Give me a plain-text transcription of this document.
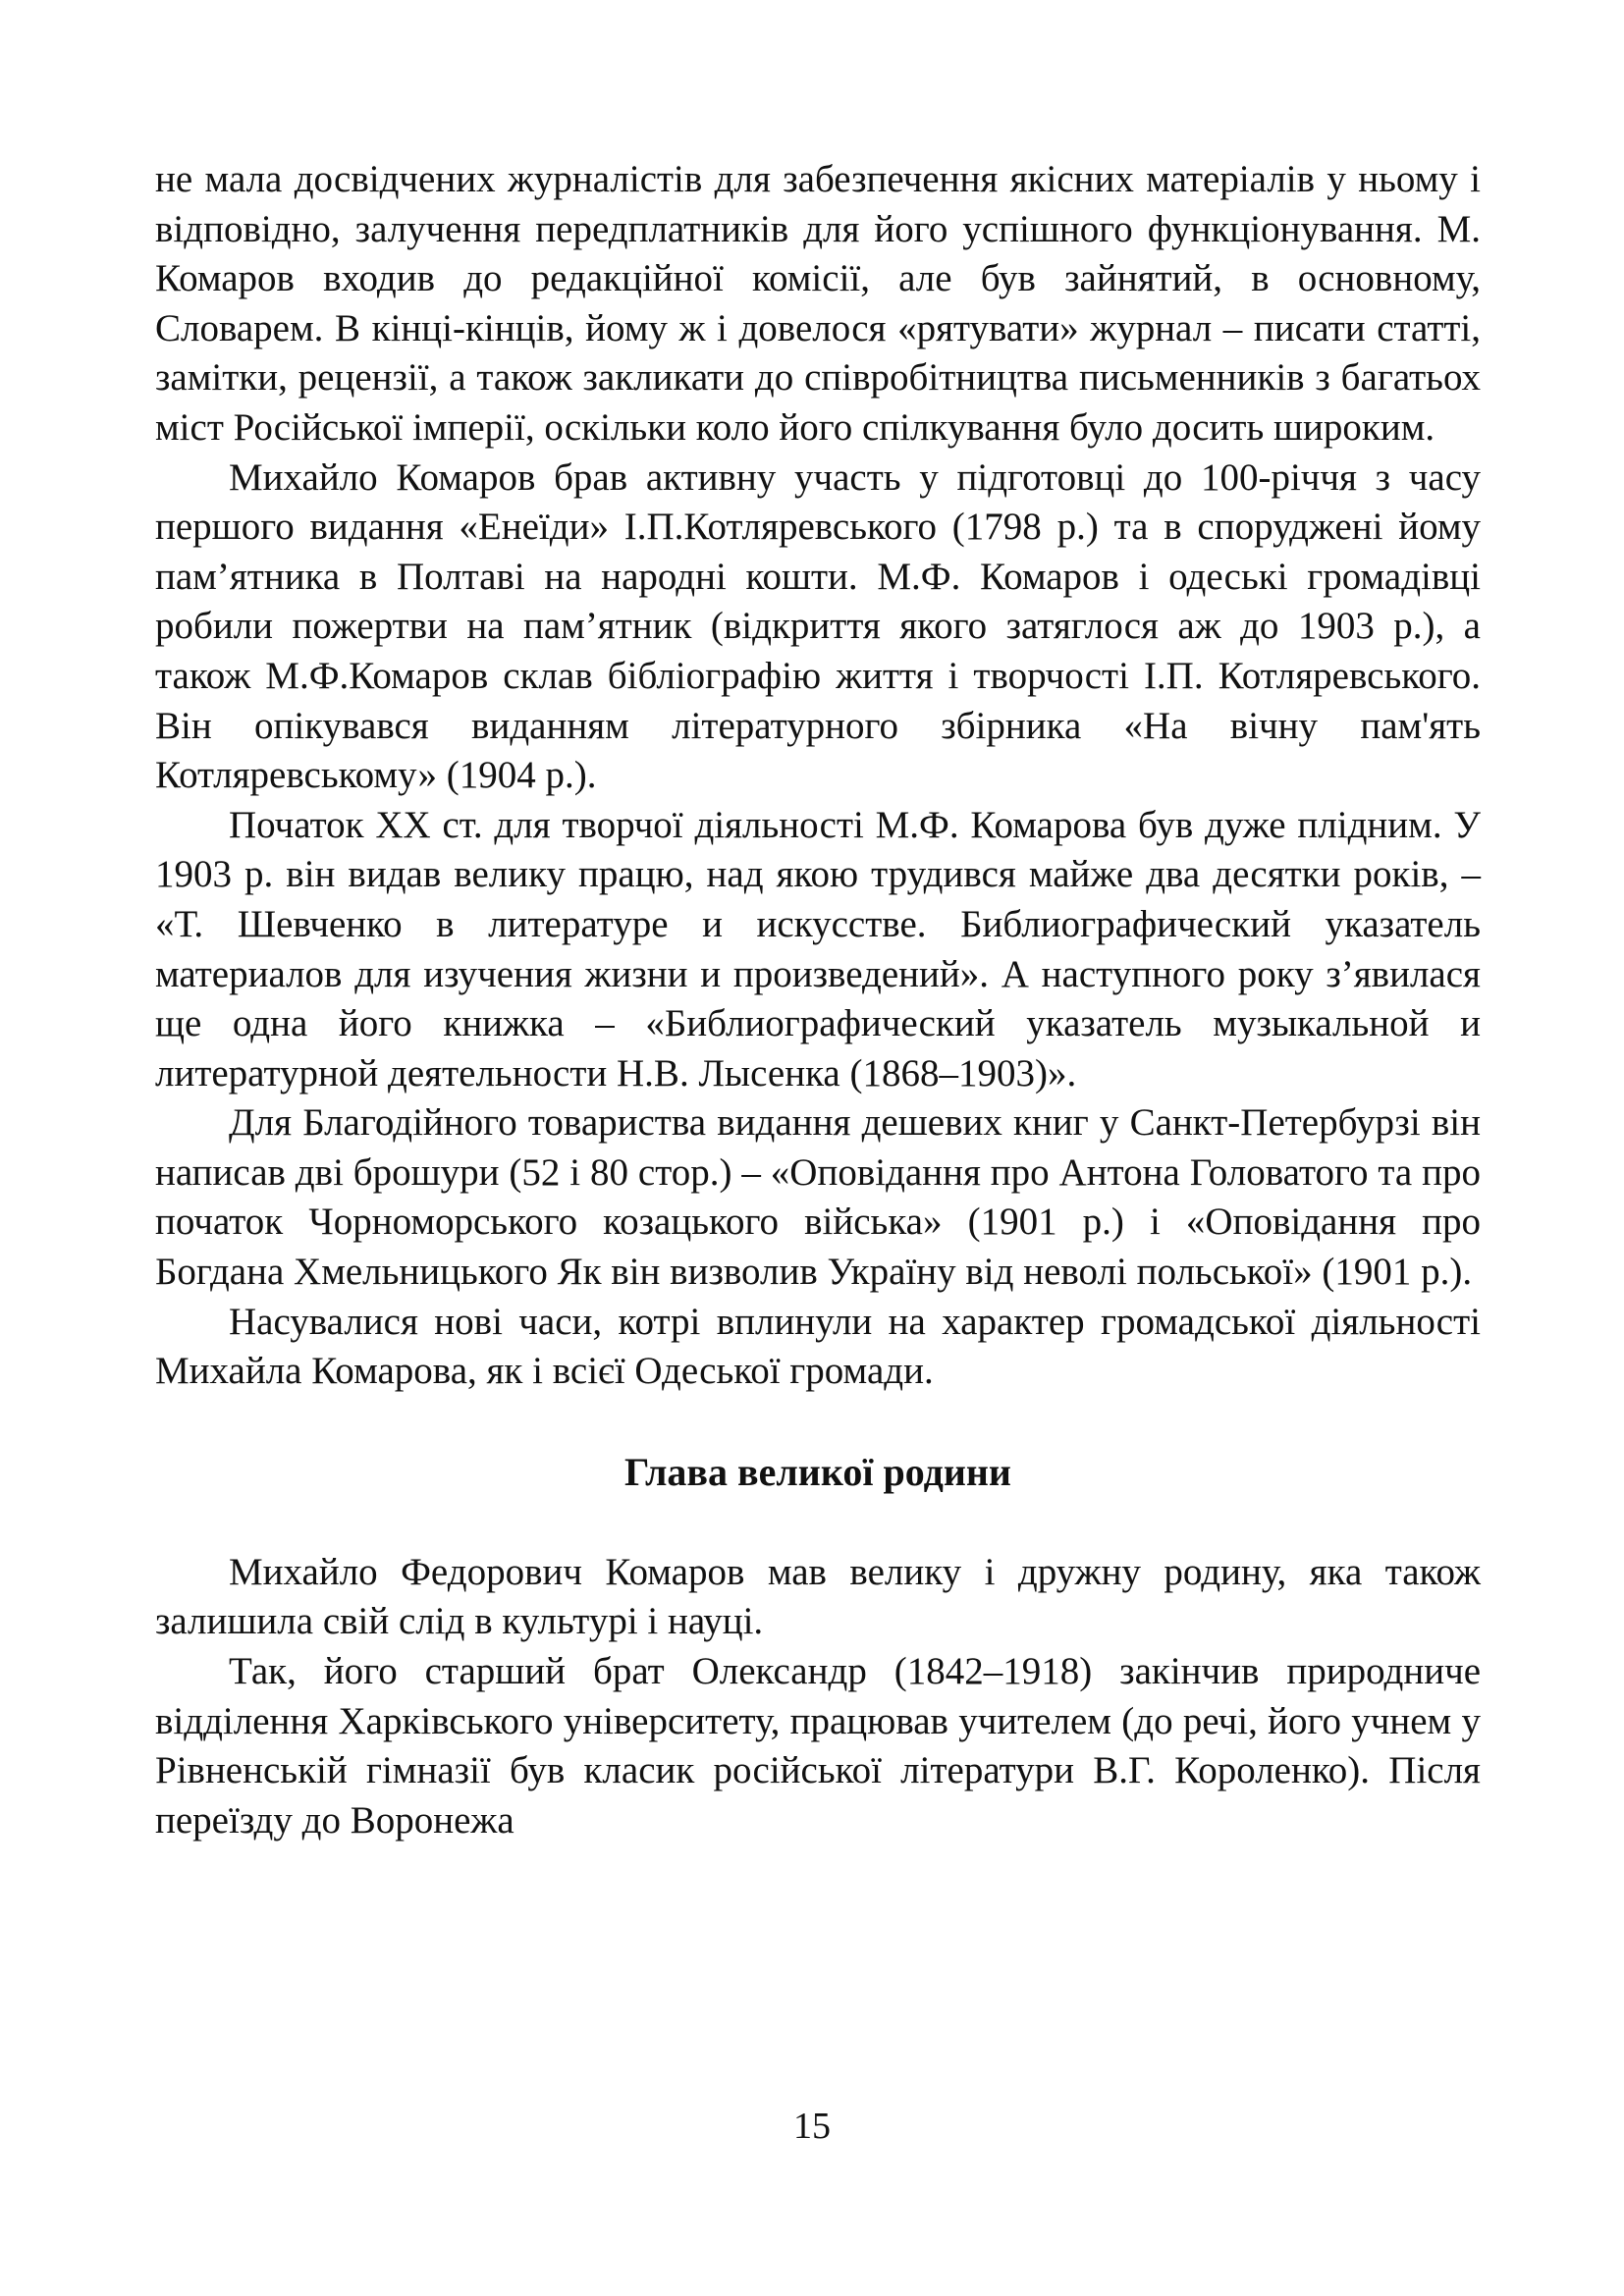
не мала досвідчених журналістів для забезпечення якісних матеріалів у ньому і відповідно, залучення передплатників для його успішного функціонування. М. Комаров входив до редакційної комісії, але був зайнятий, в основному, Словарем. В кінці-кінців, йому ж і довелося «рятувати» журнал – писати статті, замітки, рецензії, а також закликати до співробітництва письменників з багатьох міст Російської імперії, оскільки коло його спілкування було досить широким.

Михайло Комаров брав активну участь у підготовці до 100-річчя з часу першого видання «Енеїди» І.П.Котляревського (1798 р.) та в споруджені йому пам’ятника в Полтаві на народні кошти. М.Ф. Комаров і одеські громадівці робили пожертви на пам’ятник (відкриття якого затяглося аж до 1903 р.), а також М.Ф.Комаров склав бібліографію життя і творчості І.П. Котляревського. Він опікувався виданням літературного збірника «На вічну пам'ять Котляревському» (1904 р.).

Початок ХХ ст. для творчої діяльності М.Ф. Комарова був дуже плідним. У 1903 р. він видав велику працю, над якою трудився майже два десятки років, – «Т. Шевченко в литературе и искусстве. Библиографический указатель материалов для изучения жизни и произведений». А наступного року з’явилася ще одна його книжка – «Библиографический указатель музыкальной и литературной деятельности Н.В. Лысенка (1868–1903)».

Для Благодійного товариства видання дешевих книг у Санкт-Петербурзі він написав дві брошури (52 і 80 стор.) – «Оповідання про Антона Головатого та про початок Чорноморського козацького війська» (1901 р.) і «Оповідання про Богдана Хмельницького Як він визволив Україну від неволі польської» (1901 р.).

Насувалися нові часи, котрі вплинули на характер громадської діяльності Михайла Комарова, як і всієї Одеської громади.

Глава великої родини

Михайло Федорович Комаров мав велику і дружну родину, яка також залишила свій слід в культурі і науці.

Так, його старший брат Олександр (1842–1918) закінчив природниче відділення Харківського університету, працював учителем (до речі, його учнем у Рівненській гімназії був класик російської літератури В.Г. Короленко). Після переїзду до Воронежа

15
